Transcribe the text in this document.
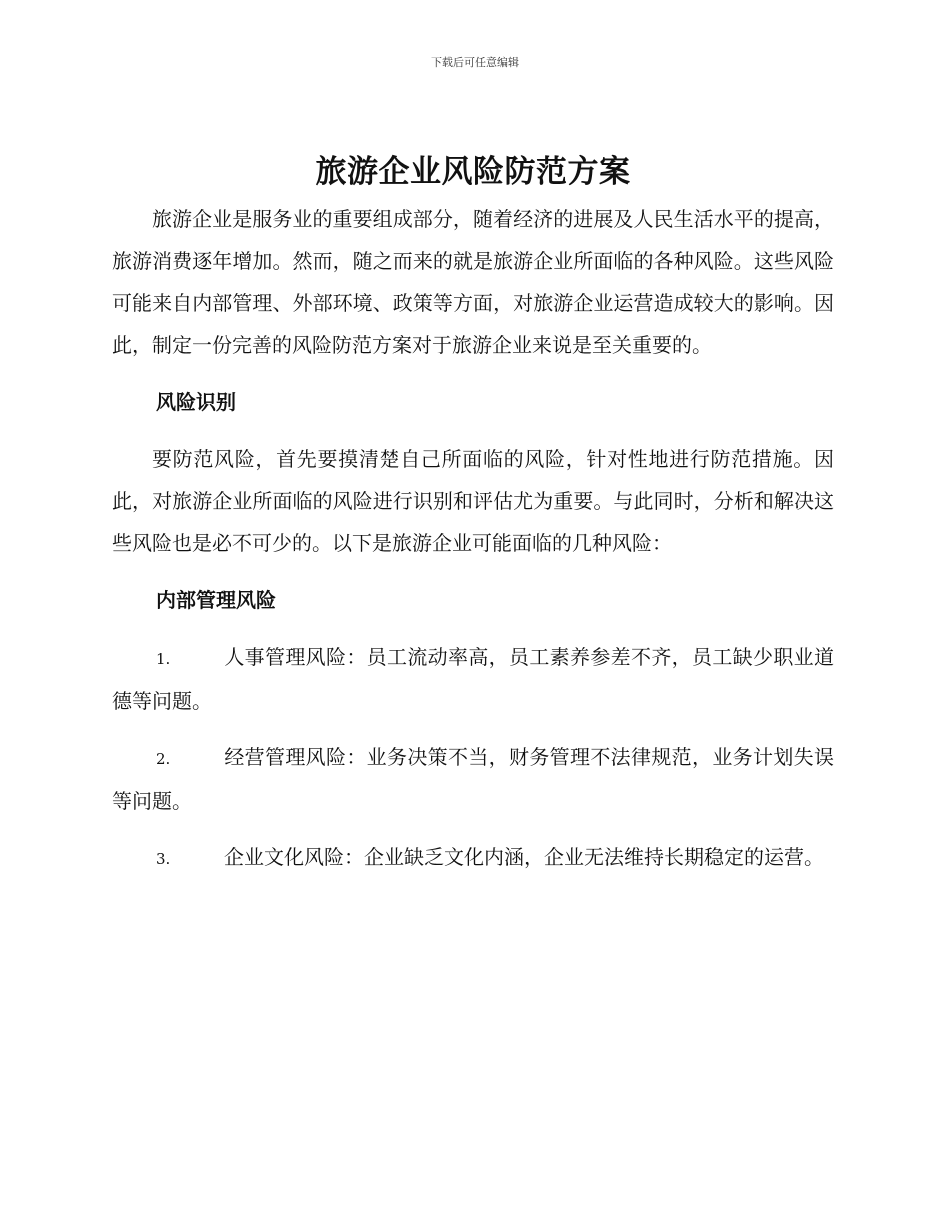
下载后可任意编辑
旅游企业风险防范方案

旅游企业是服务业的重要组成部分，随着经济的进展及人民生活水平的提高，旅游消费逐年增加。然而，随之而来的就是旅游企业所面临的各种风险。这些风险可能来自内部管理、外部环境、政策等方面，对旅游企业运营造成较大的影响。因此，制定一份完善的风险防范方案对于旅游企业来说是至关重要的。

风险识别

要防范风险，首先要摸清楚自己所面临的风险，针对性地进行防范措施。因此，对旅游企业所面临的风险进行识别和评估尤为重要。与此同时，分析和解决这些风险也是必不可少的。以下是旅游企业可能面临的几种风险：

内部管理风险
1.	人事管理风险：员工流动率高，员工素养参差不齐，员工缺少职业道德等问题。
2.	经营管理风险：业务决策不当，财务管理不法律规范，业务计划失误等问题。
3.	企业文化风险：企业缺乏文化内涵，企业无法维持长期稳定的运营。
